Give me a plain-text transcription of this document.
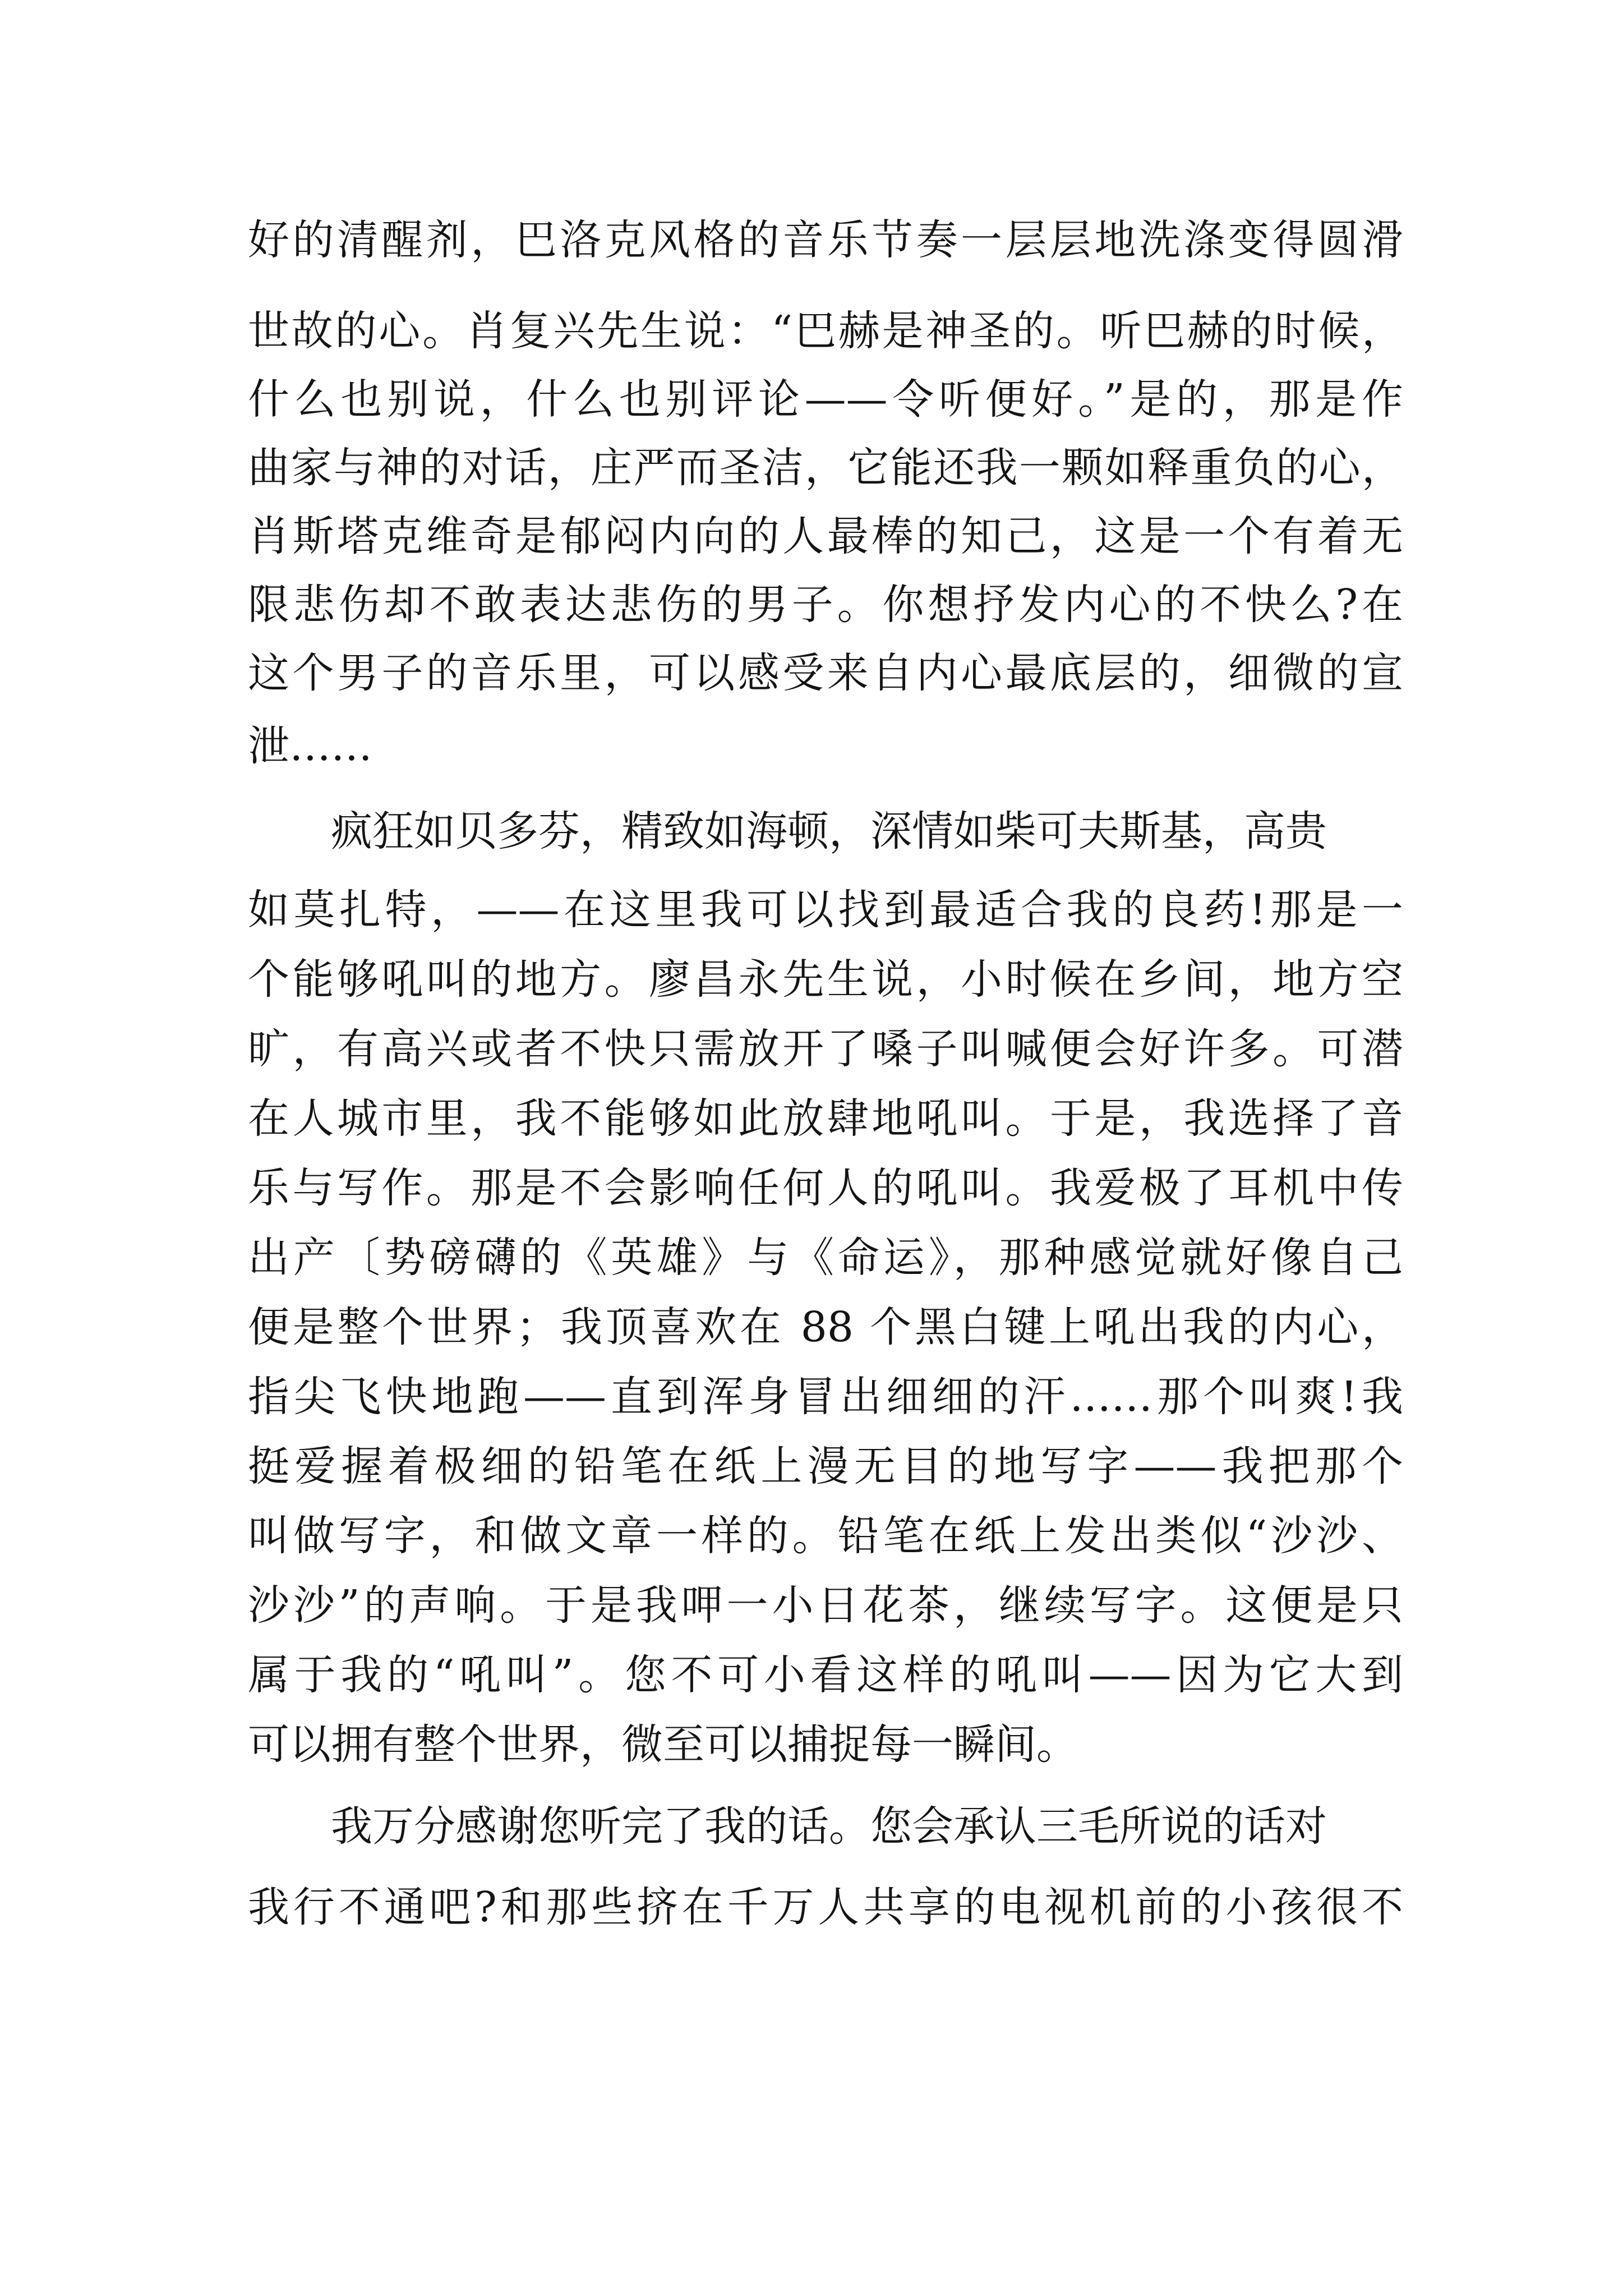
好的清醒剂，巴洛克风格的音乐节奏一层层地洗涤变得圆滑
世故的心。肖复兴先生说：“巴赫是神圣的。听巴赫的时候，
什么也别说，什么也别评论——令听便好。”是的，那是作
曲家与神的对话，庄严而圣洁，它能还我一颗如释重负的心，
肖斯塔克维奇是郁闷内向的人最棒的知己，这是一个有着无
限悲伤却不敢表达悲伤的男子。你想抒发内心的不快么?在
这个男子的音乐里，可以感受来自内心最底层的，细微的宣
泄……
　　疯狂如贝多芬，精致如海顿，深情如柴可夫斯基，高贵
如莫扎特，——在这里我可以找到最适合我的良药!那是一
个能够吼叫的地方。廖昌永先生说，小时候在乡间，地方空
旷，有高兴或者不快只需放开了嗓子叫喊便会好许多。可潜
在人城市里，我不能够如此放肆地吼叫。于是，我选择了音
乐与写作。那是不会影响任何人的吼叫。我爱极了耳机中传
出产〔势磅礴的《英雄》与《命运》，那种感觉就好像自己
便是整个世界；我顶喜欢在 88 个黑白键上吼出我的内心，
指尖飞快地跑——直到浑身冒出细细的汗……那个叫爽!我
挺爱握着极细的铅笔在纸上漫无目的地写字——我把那个
叫做写字，和做文章一样的。铅笔在纸上发出类似“沙沙、
沙沙”的声响。于是我呷一小日花茶，继续写字。这便是只
属于我的“吼叫”。您不可小看这样的吼叫——因为它大到
可以拥有整个世界，微至可以捕捉每一瞬间。
　　我万分感谢您听完了我的话。您会承认三毛所说的话对
我行不通吧?和那些挤在千万人共享的电视机前的小孩很不
